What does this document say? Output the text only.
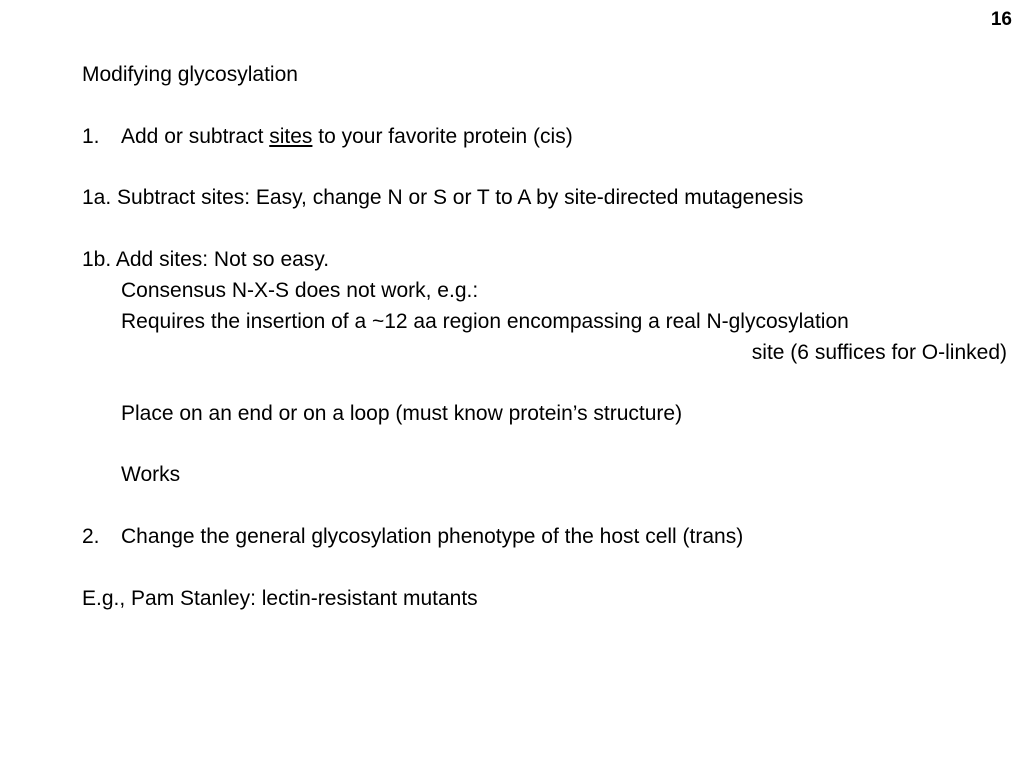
16
Modifying glycosylation
1. Add or subtract sites to your favorite protein (cis)
1a. Subtract sites: Easy, change N or S or T to A by site-directed mutagenesis
1b. Add sites: Not so easy.
Consensus N-X-S does not work, e.g.:
Requires the insertion of a ~12 aa region encompassing a real N-glycosylation
site (6 suffices for O-linked)
Place on an end or on a loop (must know protein’s structure)
Works
2. Change the general glycosylation phenotype of the host cell (trans)
E.g., Pam Stanley: lectin-resistant mutants
